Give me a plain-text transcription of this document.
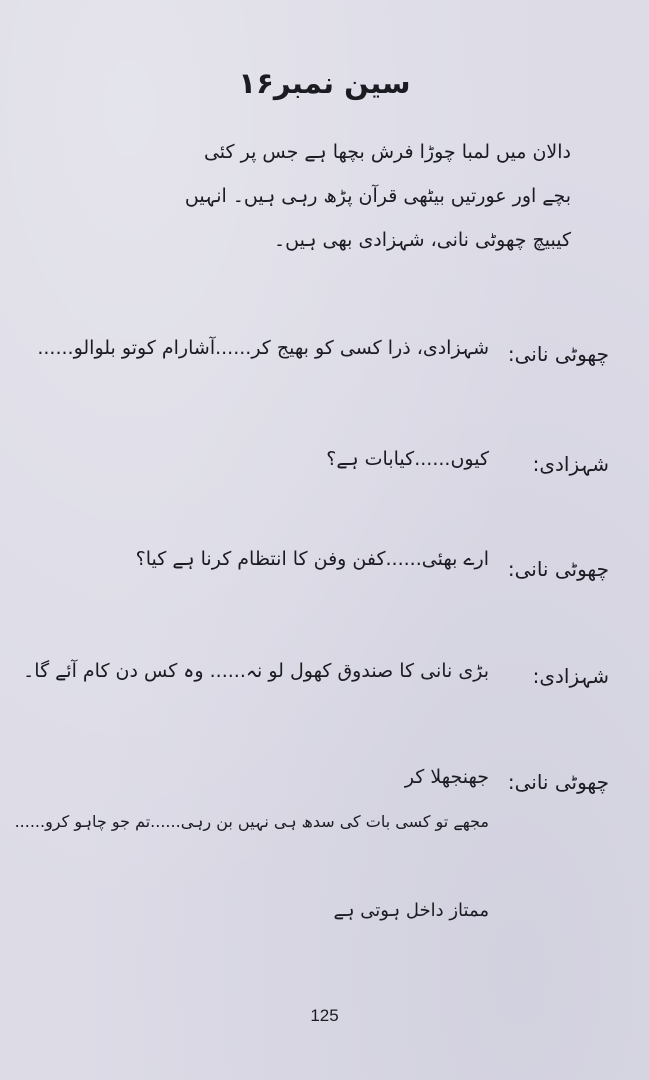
سین نمبر۱۶
دالان میں لمبا چوڑا فرش بچھا ہے جس پر کئی
بچے اور عورتیں بیٹھی قرآن پڑھ رہی ہیں۔ انہیں
کیبیچ چھوٹی نانی، شہزادی بھی ہیں۔
چھوٹی نانی:
شہزادی، ذرا کسی کو بھیج کر......آشارام کوتو بلوالو......
شہزادی:
کیوں......کیابات ہے؟
چھوٹی نانی:
ارے بھئی......کفن وفن کا انتظام کرنا ہے کیا؟
شہزادی:
بڑی نانی کا صندوق کھول لو نہ...... وہ کس دن کام آئے گا۔
چھوٹی نانی:
جھنجھلا کر
مجھے تو کسی بات کی سدھ ہی نہیں بن رہی......تم جو چاہو کرو......
ممتاز داخل ہوتی ہے
125
